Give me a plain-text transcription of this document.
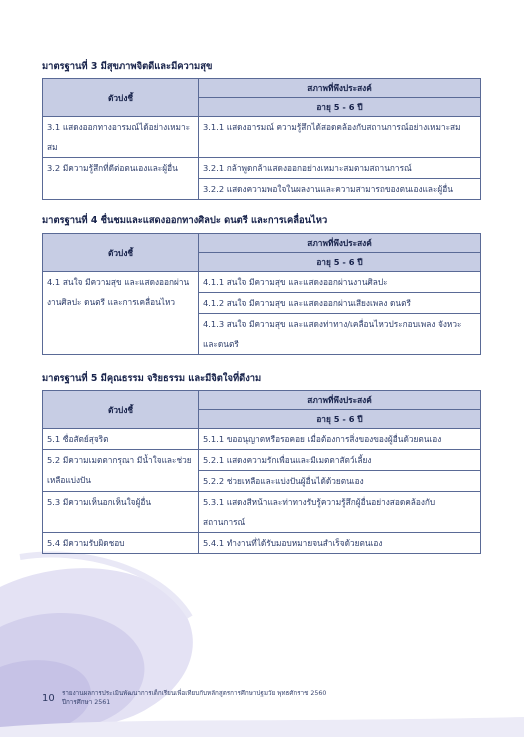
มาตรฐานที่ 3 มีสุขภาพจิตดีและมีความสุข
ตัวบ่งชี้	สภาพที่พึงประสงค์
	อายุ 5 - 6 ปี
3.1 แสดงออกทางอารมณ์ได้อย่างเหมาะสม	3.1.1 แสดงอารมณ์ ความรู้สึกได้สอดคล้องกับสถานการณ์อย่างเหมาะสม
3.2 มีความรู้สึกที่ดีต่อตนเองและผู้อื่น	3.2.1 กล้าพูดกล้าแสดงออกอย่างเหมาะสมตามสถานการณ์
	3.2.2 แสดงความพอใจในผลงานและความสามารถของตนเองและผู้อื่น
มาตรฐานที่ 4 ชื่นชมและแสดงออกทางศิลปะ ดนตรี และการเคลื่อนไหว
ตัวบ่งชี้	สภาพที่พึงประสงค์
	อายุ 5 - 6 ปี
4.1 สนใจ มีความสุข และแสดงออกผ่านงานศิลปะ ดนตรี และการเคลื่อนไหว	4.1.1 สนใจ มีความสุข และแสดงออกผ่านงานศิลปะ
	4.1.2 สนใจ มีความสุข และแสดงออกผ่านเสียงเพลง ดนตรี
	4.1.3 สนใจ มีความสุข และแสดงท่าทาง/เคลื่อนไหวประกอบเพลง จังหวะและดนตรี
มาตรฐานที่ 5 มีคุณธรรม จริยธรรม และมีจิตใจที่ดีงาม
ตัวบ่งชี้	สภาพที่พึงประสงค์
	อายุ 5 - 6 ปี
5.1 ซื่อสัตย์สุจริต	5.1.1 ขออนุญาตหรือรอคอย เมื่อต้องการสิ่งของของผู้อื่นด้วยตนเอง
5.2 มีความเมตตากรุณา มีน้ำใจและช่วยเหลือแบ่งปัน	5.2.1 แสดงความรักเพื่อนและมีเมตตาสัตว์เลี้ยง
	5.2.2 ช่วยเหลือและแบ่งปันผู้อื่นได้ด้วยตนเอง
5.3 มีความเห็นอกเห็นใจผู้อื่น	5.3.1 แสดงสีหน้าและท่าทางรับรู้ความรู้สึกผู้อื่นอย่างสอดคล้องกับสถานการณ์
5.4 มีความรับผิดชอบ	5.4.1 ทำงานที่ได้รับมอบหมายจนสำเร็จด้วยตนเอง
10 รายงานผลการประเมินพัฒนาการเด็กเรียนเพื่อเทียบกับหลักสูตรการศึกษาปฐมวัย พุทธศักราช 2560
ปีการศึกษา 2561
